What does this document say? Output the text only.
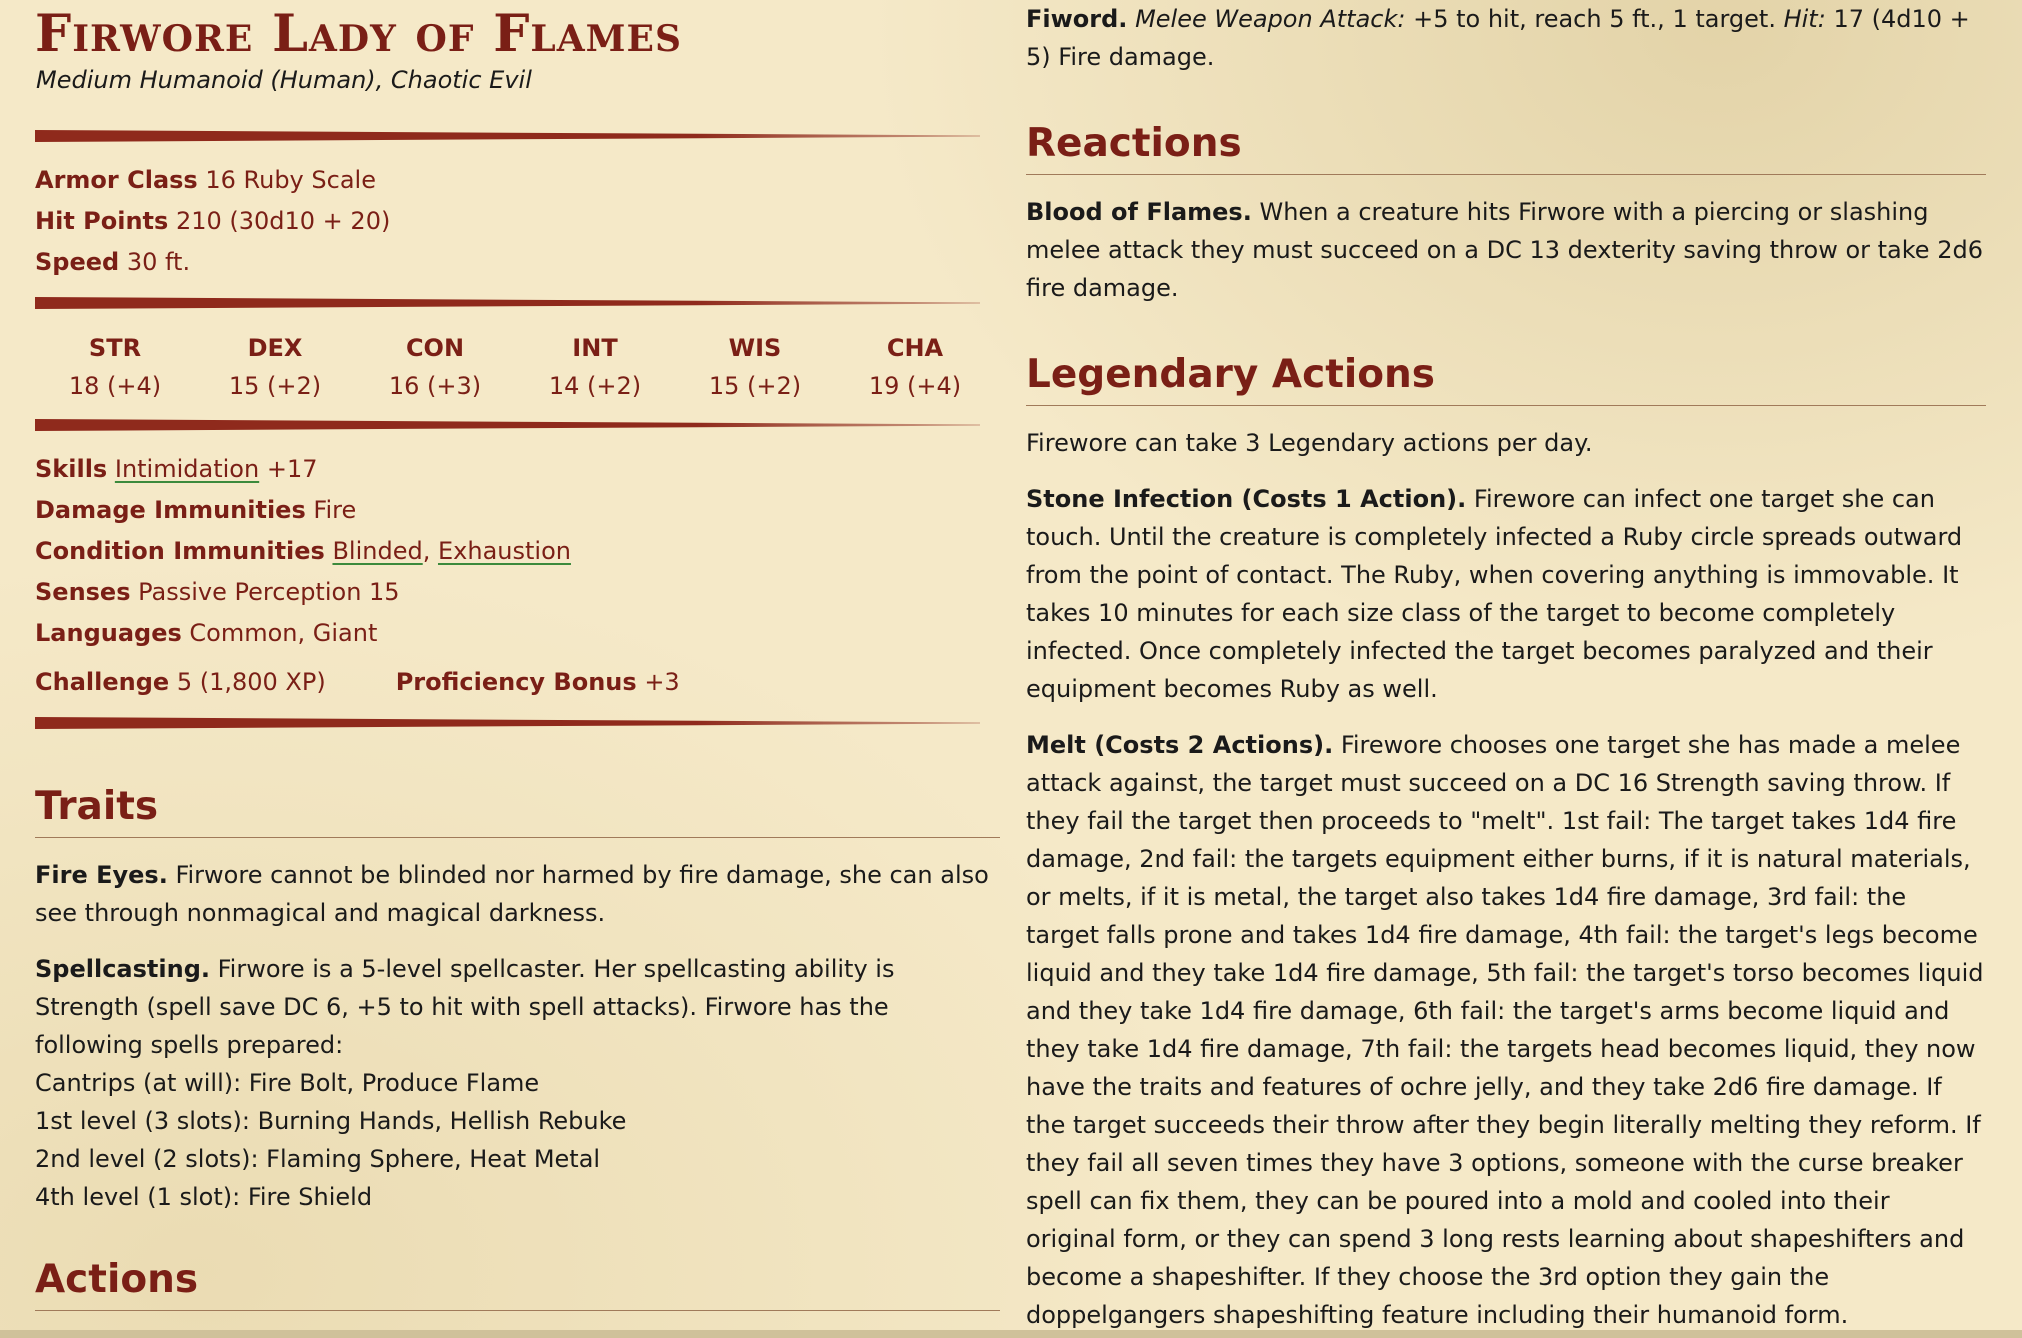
Firwore Lady of Flames
Medium Humanoid (Human), Chaotic Evil
Armor Class 16 Ruby Scale
Hit Points 210 (30d10 + 20)
Speed 30 ft.
STR
18 (+4)
DEX
15 (+2)
CON
16 (+3)
INT
14 (+2)
WIS
15 (+2)
CHA
19 (+4)
Skills Intimidation +17
Damage Immunities Fire
Condition Immunities Blinded, Exhaustion
Senses Passive Perception 15
Languages Common, Giant
Challenge 5 (1,800 XP)	Proficiency Bonus +3
Traits

Fire Eyes. Firwore cannot be blinded nor harmed by fire damage, she can also see through nonmagical and magical darkness.

Spellcasting. Firwore is a 5-level spellcaster. Her spellcasting ability is Strength (spell save DC 6, +5 to hit with spell attacks). Firwore has the following spells prepared:

Cantrips (at will): Fire Bolt, Produce Flame
1st level (3 slots): Burning Hands, Hellish Rebuke
2nd level (2 slots): Flaming Sphere, Heat Metal
4th level (1 slot): Fire Shield
Actions

Fiword. Melee Weapon Attack: +5 to hit, reach 5 ft., 1 target. Hit: 17 (4d10 + 5) Fire damage.

Reactions

Blood of Flames. When a creature hits Firwore with a piercing or slashing melee attack they must succeed on a DC 13 dexterity saving throw or take 2d6 fire damage.

Legendary Actions

Firewore can take 3 Legendary actions per day.

Stone Infection (Costs 1 Action). Firewore can infect one target she can touch. Until the creature is completely infected a Ruby circle spreads outward from the point of contact. The Ruby, when covering anything is immovable. It takes 10 minutes for each size class of the target to become completely infected. Once completely infected the target becomes paralyzed and their equipment becomes Ruby as well.

Melt (Costs 2 Actions). Firewore chooses one target she has made a melee attack against, the target must succeed on a DC 16 Strength saving throw. If they fail the target then proceeds to "melt". 1st fail: The target takes 1d4 fire damage, 2nd fail: the targets equipment either burns, if it is natural materials, or melts, if it is metal, the target also takes 1d4 fire damage, 3rd fail: the target falls prone and takes 1d4 fire damage, 4th fail: the target's legs become liquid and they take 1d4 fire damage, 5th fail: the target's torso becomes liquid and they take 1d4 fire damage, 6th fail: the target's arms become liquid and they take 1d4 fire damage, 7th fail: the targets head becomes liquid, they now have the traits and features of ochre jelly, and they take 2d6 fire damage. If the target succeeds their throw after they begin literally melting they reform. If they fail all seven times they have 3 options, someone with the curse breaker spell can fix them, they can be poured into a mold and cooled into their original form, or they can spend 3 long rests learning about shapeshifters and become a shapeshifter. If they choose the 3rd option they gain the doppelgangers shapeshifting feature including their humanoid form.
